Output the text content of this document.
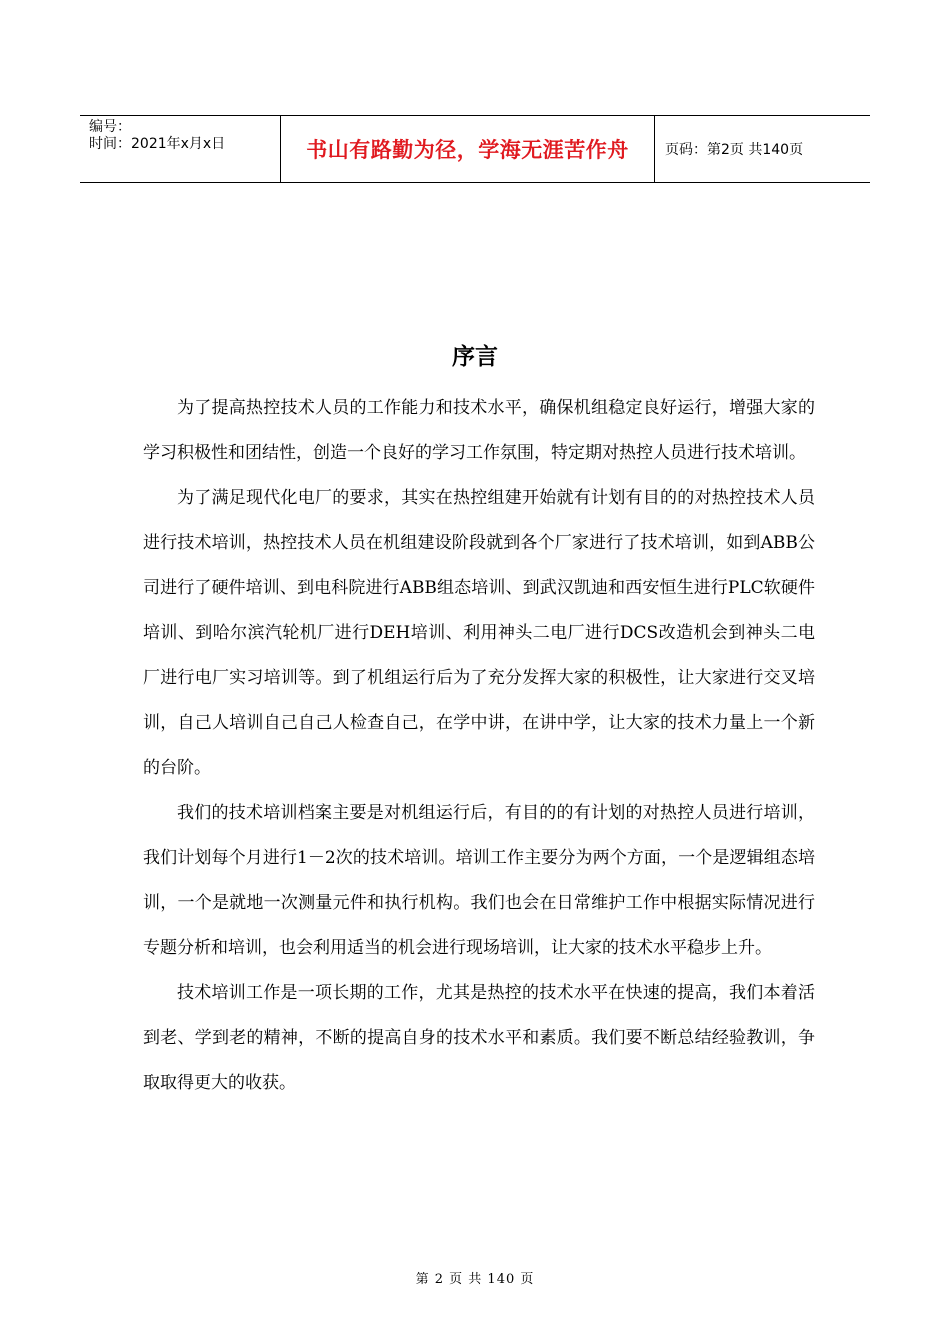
编号：
时间：2021年x月x日	书山有路勤为径，学海无涯苦作舟	页码：第2页 共140页
序言

为了提高热控技术人员的工作能力和技术水平，确保机组稳定良好运行，增强大家的学习积极性和团结性，创造一个良好的学习工作氛围，特定期对热控人员进行技术培训。

为了满足现代化电厂的要求，其实在热控组建开始就有计划有目的的对热控技术人员进行技术培训，热控技术人员在机组建设阶段就到各个厂家进行了技术培训，如到ABB公司进行了硬件培训、到电科院进行ABB组态培训、到武汉凯迪和西安恒生进行PLC软硬件培训、到哈尔滨汽轮机厂进行DEH培训、利用神头二电厂进行DCS改造机会到神头二电厂进行电厂实习培训等。到了机组运行后为了充分发挥大家的积极性，让大家进行交叉培训，自己人培训自己自己人检查自己，在学中讲，在讲中学，让大家的技术力量上一个新的台阶。

我们的技术培训档案主要是对机组运行后，有目的的有计划的对热控人员进行培训，我们计划每个月进行1－2次的技术培训。培训工作主要分为两个方面，一个是逻辑组态培训，一个是就地一次测量元件和执行机构。我们也会在日常维护工作中根据实际情况进行专题分析和培训，也会利用适当的机会进行现场培训，让大家的技术水平稳步上升。

技术培训工作是一项长期的工作，尤其是热控的技术水平在快速的提高，我们本着活到老、学到老的精神，不断的提高自身的技术水平和素质。我们要不断总结经验教训，争取取得更大的收获。

第 2 页 共 140 页
